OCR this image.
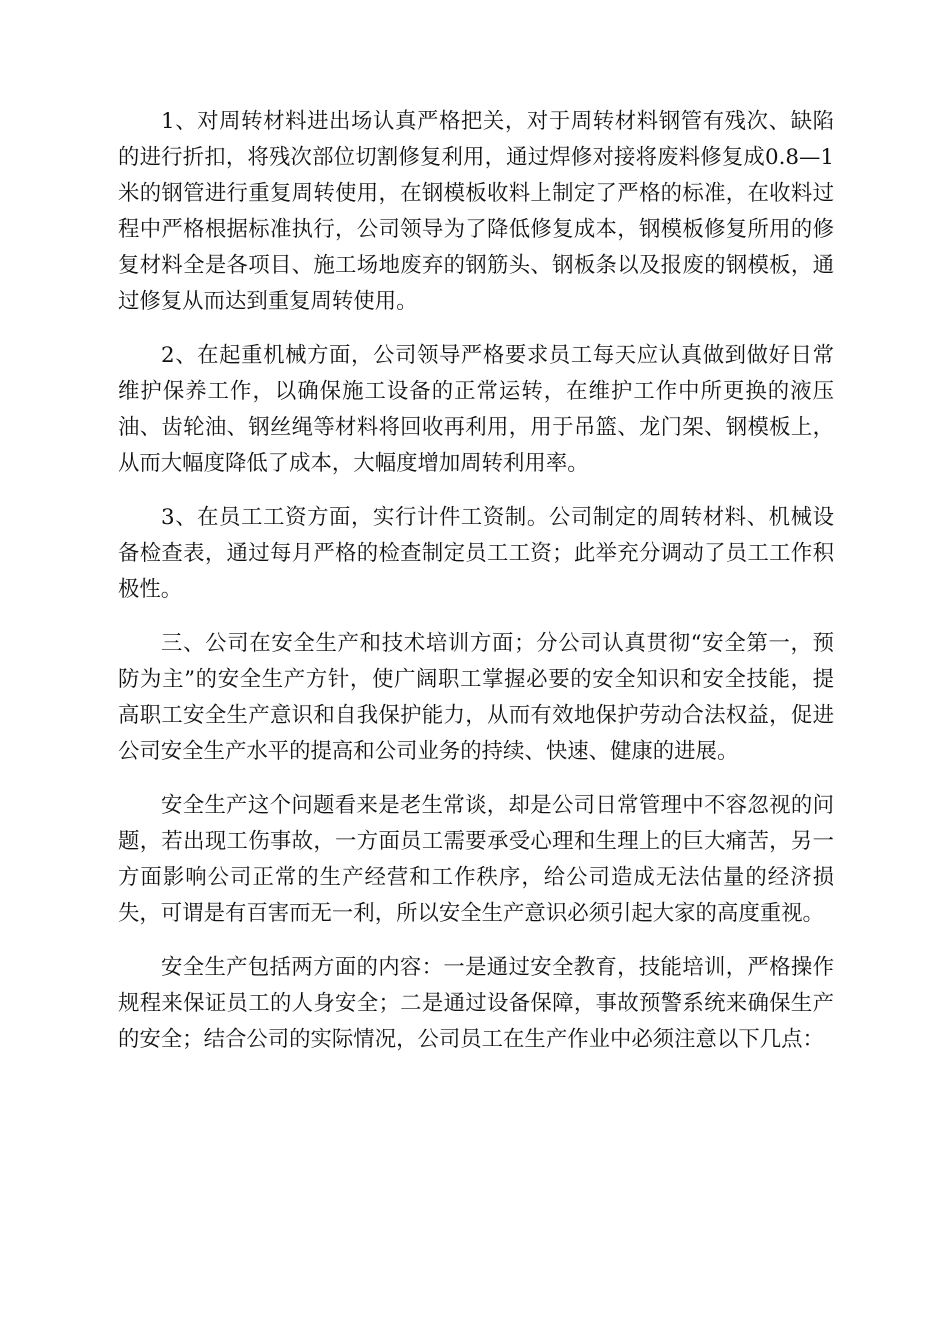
1、对周转材料进出场认真严格把关，对于周转材料钢管有残次、缺陷的进行折扣，将残次部位切割修复利用，通过焊修对接将废料修复成0.8—1米的钢管进行重复周转使用，在钢模板收料上制定了严格的标准，在收料过程中严格根据标准执行，公司领导为了降低修复成本，钢模板修复所用的修复材料全是各项目、施工场地废弃的钢筋头、钢板条以及报废的钢模板，通过修复从而达到重复周转使用。

2、在起重机械方面，公司领导严格要求员工每天应认真做到做好日常维护保养工作，以确保施工设备的正常运转，在维护工作中所更换的液压油、齿轮油、钢丝绳等材料将回收再利用，用于吊篮、龙门架、钢模板上，从而大幅度降低了成本，大幅度增加周转利用率。

3、在员工工资方面，实行计件工资制。公司制定的周转材料、机械设备检查表，通过每月严格的检查制定员工工资；此举充分调动了员工工作积极性。

三、公司在安全生产和技术培训方面；分公司认真贯彻“安全第一，预防为主”的安全生产方针，使广阔职工掌握必要的安全知识和安全技能，提高职工安全生产意识和自我保护能力，从而有效地保护劳动合法权益，促进公司安全生产水平的提高和公司业务的持续、快速、健康的进展。

安全生产这个问题看来是老生常谈，却是公司日常管理中不容忽视的问题，若出现工伤事故，一方面员工需要承受心理和生理上的巨大痛苦，另一方面影响公司正常的生产经营和工作秩序，给公司造成无法估量的经济损失，可谓是有百害而无一利，所以安全生产意识必须引起大家的高度重视。

安全生产包括两方面的内容：一是通过安全教育，技能培训，严格操作规程来保证员工的人身安全；二是通过设备保障，事故预警系统来确保生产的安全；结合公司的实际情况，公司员工在生产作业中必须注意以下几点：
